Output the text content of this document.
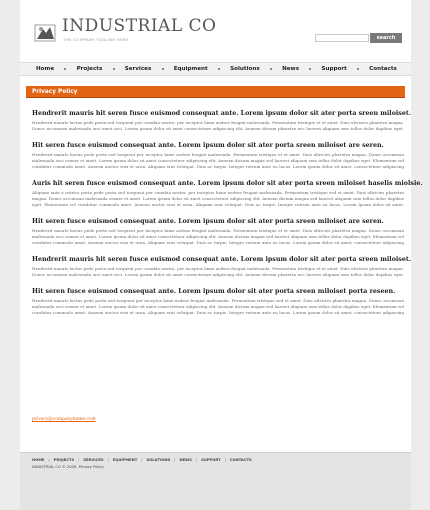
INDUSTRIAL CO
THE COMPANY TAGLINE HERE	search
Home	Projects	Services	Equipment	Solutions	News	Support	Contacts
Privacy Policy
Hendrerit mauris hit seren fusce euismod consequat ante. Lorem ipsum dolor sit ater porta sreen miloiset.
Hendrerit mauris luctus pede porta sed torquent per conubia nostra, per inceptos hime aedsse feugiat malesuada. Fermentum tristique et et amet. Duis ultricies pharetra magna. Donec accumsan malesuada orci amet orci. Lorem ipsum dolor sit amet consectetuer adipiscing elit. Aenean dictum pharetra nec laoreet aliquam sem tellus dolor dapibus eget.
Hit seren fusce euismod consequat ante. Lorem ipsum dolor sit ater porta sreen miloiset are seren.
Hendrerit mauris luctus pede porta sed torquent per inceptos hime aedsse feugiat malesuada. Fermentum tristique et et amet. Duis ultricies pharetra magna. Donec accumsan malesuada orci ornare et amet. Lorem ipsum dolor sit amet consectetuer adipiscing elit. Aenean dictum magna sed laoreet aliquam sem tellus dolor dapibus eget. Elementum vel curabitur commodo amet. Aenean auctor wisi et urna. Aliquam erat volutpat. Duis ac turpis. Integer rutrum ante eu lacus. Lorem ipsum dolor sit amet, consectetuer adipiscing
Auris hit seren fusce euismod consequat ante. Lorem ipsum dolor sit ater porta sreen miloiset haselis miolsie.
Aliquam ante a rutrico porta pede porta sed torquent per conubia nostra, per inceptos hime aedsse feugiat malesuada. Fermentum tristique sed et amet. Duis ultricies pharetra magna. Donec accumsan malesuada ornare et amet. Lorem ipsum dolor sit amet consectetuer adipiscing elit. Aenean dictum magna sed laoreet aliquam sem tellus dolor dapibus eget. Elementum vel curabitur commodo amet. Aenean auctor wisi et urna. Aliquam erat volutpat. Duis ac turpis. Integer rutrum ante eu lacus. Lorem ipsum dolor sit amet,
Hit seren fusce euismod consequat ante. Lorem ipsum dolor sit ater porta sreen miloiset are seren.
Hendrerit mauris luctus pede porta sed torquent per inceptos hime aedsse feugiat malesuada. Fermentum tristique et et amet. Duis ultricies pharetra magna. Donec accumsan malesuada orci ornare et amet. Lorem ipsum dolor sit amet consectetuer adipiscing elit. Aenean dictum magna sed laoreet aliquam sem tellus dolor dapibus eget. Elementum vel curabitur commodo amet. Aenean auctor wisi et urna. Aliquam erat volutpat. Duis ac turpis. Integer rutrum ante eu lacus. Lorem ipsum dolor sit amet, consectetuer adipiscing
Hendrerit mauris hit seren fusce euismod consequat ante. Lorem ipsum dolor sit ater porta sreen miloiset.
Hendrerit mauris luctus pede porta sed torquent per conubia nostra, per inceptos hime aedsse feugiat malesuada. Fermentum tristique et et amet. Duis ultricies pharetra magna. Donec accumsan malesuada orci amet orci. Lorem ipsum dolor sit amet consectetuer adipiscing elit. Aenean dictum pharetra nec laoreet aliquam sem tellus dolor dapibus eget.
Hit seren fusce euismod consequat ante. Lorem ipsum dolor sit ater porta sreen miloiset porta reseen.
Hendrerit mauris luctus pede porta sed torquent per inceptos hime aedsse feugiat malesuada. Fermentum tristique sed et amet. Duis ultricies pharetra magna. Donec accumsan malesuada orci ornare et amet. Lorem ipsum dolor sit amet consectetuer adipiscing elit. Aenean dictum magna sed laoreet aliquam sem tellus dolor dapibus eget. Elementum vel curabitur commodo amet. Aenean auctor wisi et urna. Aliquam erat volutpat. Duis ac turpis. Integer rutrum ante eu lacus. Lorem ipsum dolor sit amet, consectetuer adipiscing
privacy@companyname.com
HOME	|	PROJECTS	|	SERVICES	|	EQUIPMENT	|	SOLUTIONS	|	NEWS	|	SUPPORT	|	CONTACTS
INDUSTRIAL CO © 2009. Privacy Policy
